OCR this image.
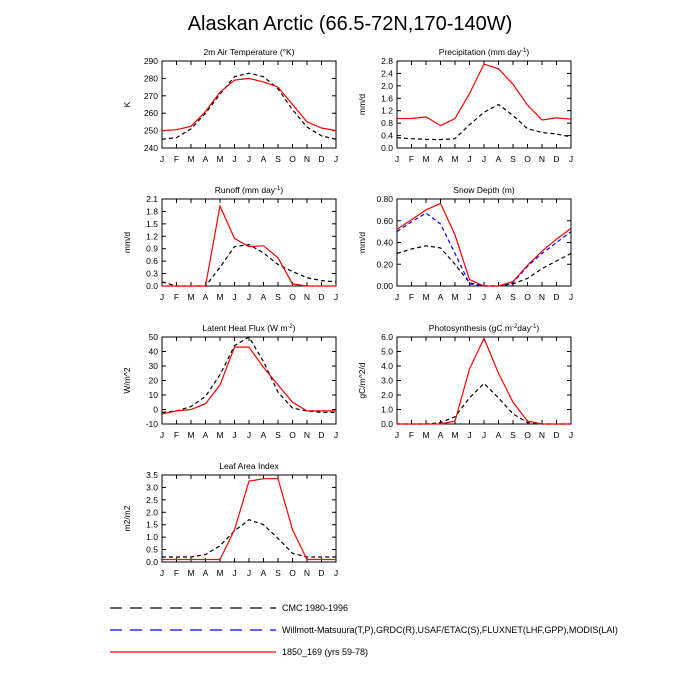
Alaskan Arctic (66.5-72N,170-140W)
2m Air Temperature (°K)
240
250
260
270
280
290
J F M A M J J A S O N D J
K
Precipitation (mm day$^{-1}$)
0.0
0.4
0.8
1.2
1.6
2.0
2.4
2.8
J F M A M J J A S O N D J
mm/d
Runoff (mm day$^{-1}$)
0.0
0.3
0.6
0.9
1.2
1.5
1.8
2.1
J F M A M J J A S O N D J
mm/d
Snow Depth (m)
0.00
0.20
0.40
0.60
0.80
J F M A M J J A S O N D J
mm/d
Latent Heat Flux (W $m^{-2}$)
-10
0
10
20
30
40
50
J F M A M J J A S O N D J
W/m^2
Photosynthesis (gC $m^{-2}day^{-1}$)
0.0
1.0
2.0
3.0
4.0
5.0
6.0
J F M A M J J A S O N D J
gC/m^2/d
Leaf Area Index
0.0
0.5
1.0
1.5
2.0
2.5
3.0
3.5
J F M A M J J A S O N D J
m2/m2
CMC 1980-1996
Willmott-Matsuura(T,P),GRDC(R),USAF/ETAC(S),FLUXNET(LHF,GPP),MODIS(LAI)
1850_169 (yrs 59-78)
